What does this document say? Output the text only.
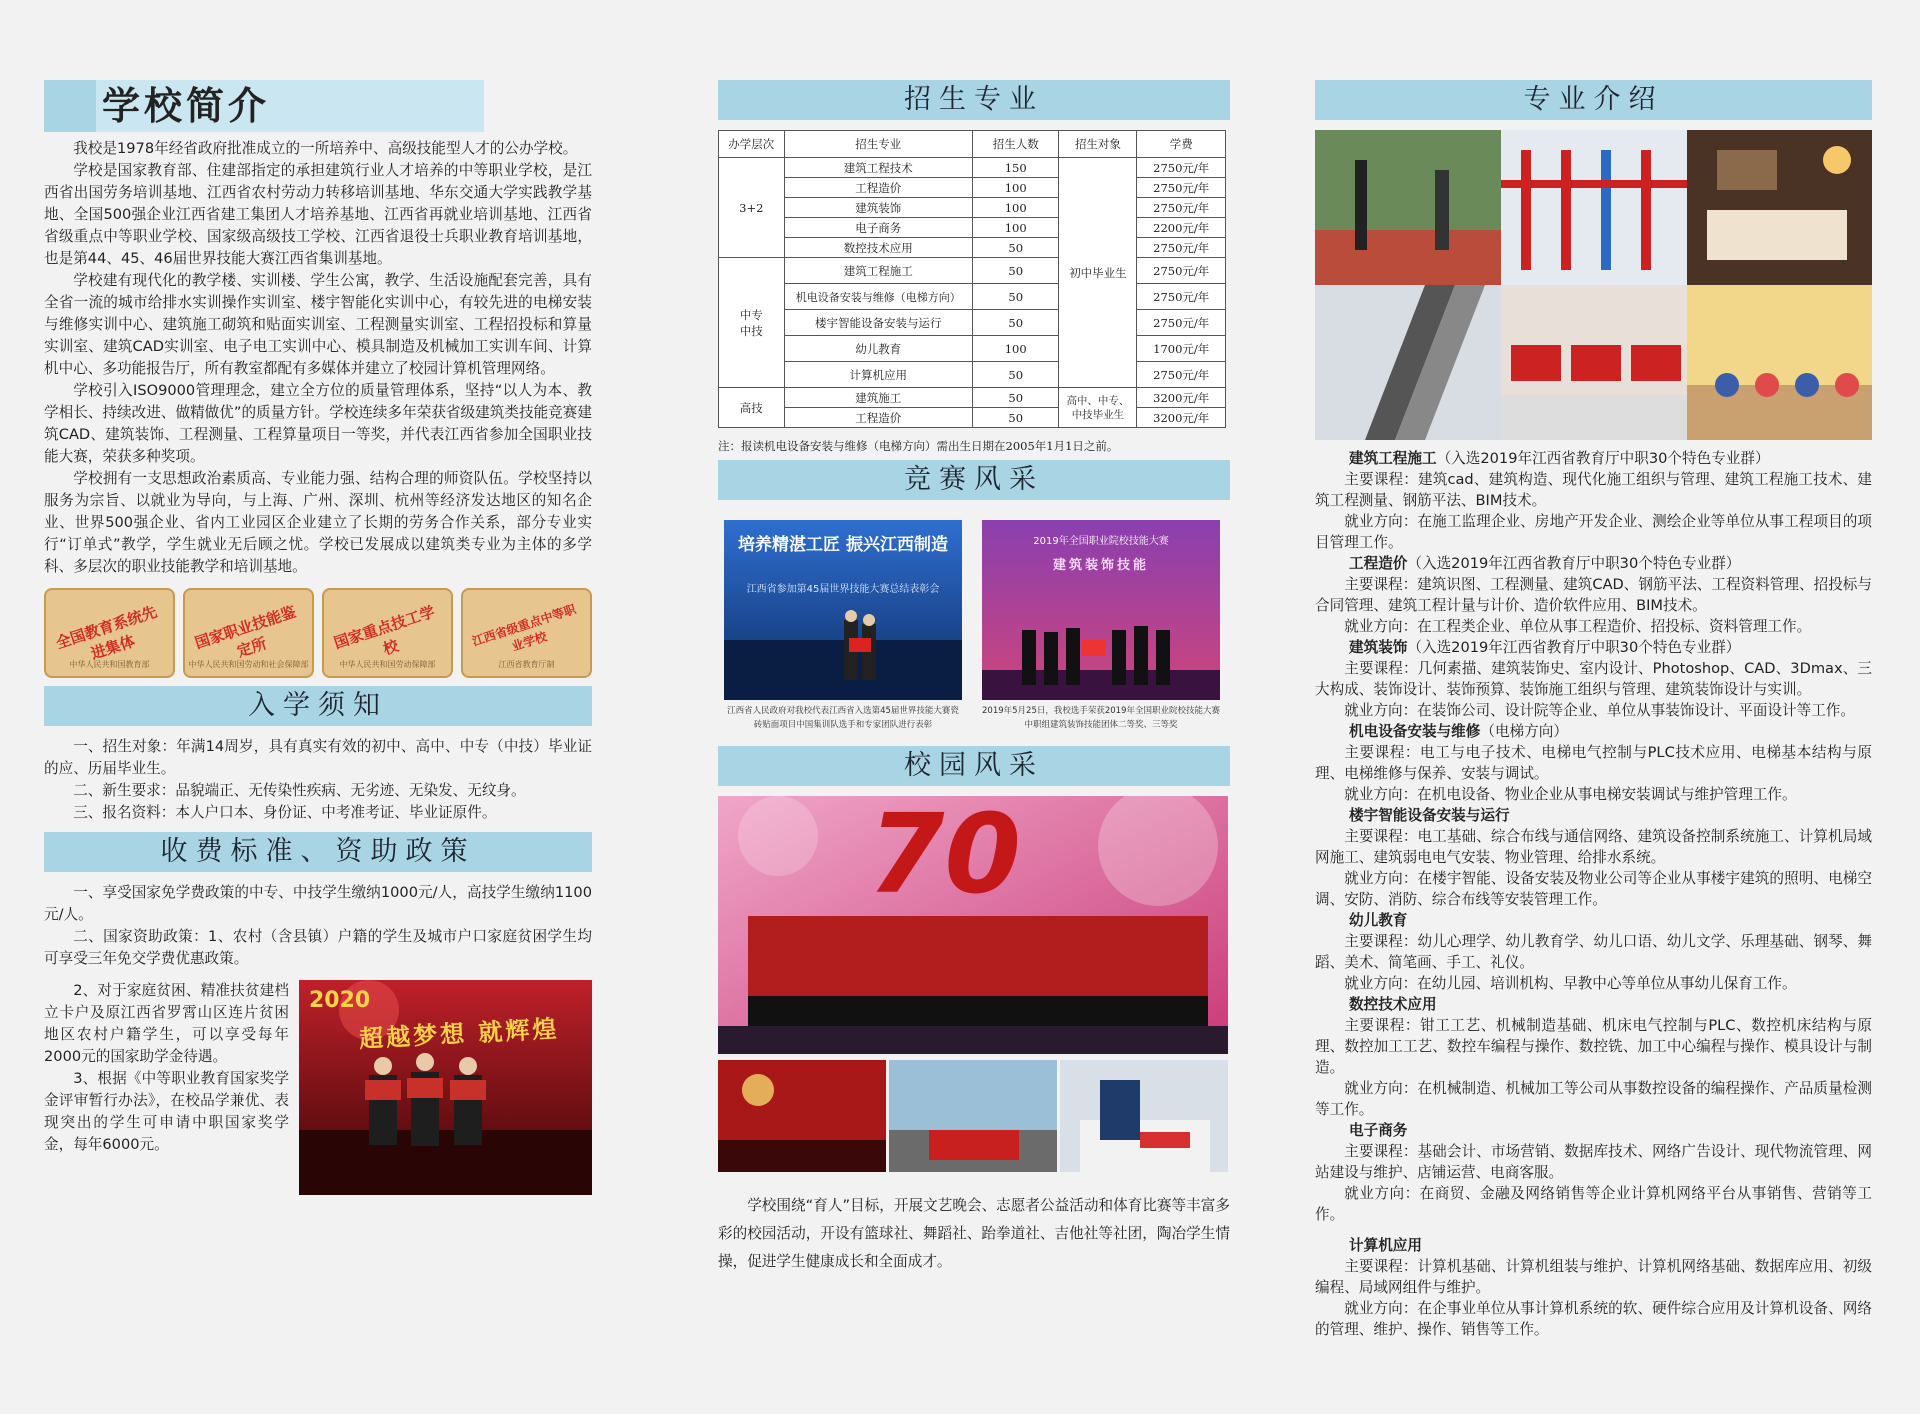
学校简介

我校是1978年经省政府批准成立的一所培养中、高级技能型人才的公办学校。

学校是国家教育部、住建部指定的承担建筑行业人才培养的中等职业学校，是江西省出国劳务培训基地、江西省农村劳动力转移培训基地、华东交通大学实践教学基地、全国500强企业江西省建工集团人才培养基地、江西省再就业培训基地、江西省省级重点中等职业学校、国家级高级技工学校、江西省退役士兵职业教育培训基地，也是第44、45、46届世界技能大赛江西省集训基地。

学校建有现代化的教学楼、实训楼、学生公寓，教学、生活设施配套完善，具有全省一流的城市给排水实训操作实训室、楼宇智能化实训中心，有较先进的电梯安装与维修实训中心、建筑施工砌筑和贴面实训室、工程测量实训室、工程招投标和算量实训室、建筑CAD实训室、电子电工实训中心、模具制造及机械加工实训车间、计算机中心、多功能报告厅，所有教室都配有多媒体并建立了校园计算机管理网络。

学校引入ISO9000管理理念，建立全方位的质量管理体系，坚持“以人为本、教学相长、持续改进、做精做优”的质量方针。学校连续多年荣获省级建筑类技能竞赛建筑CAD、建筑装饰、工程测量、工程算量项目一等奖，并代表江西省参加全国职业技能大赛，荣获多种奖项。

学校拥有一支思想政治素质高、专业能力强、结构合理的师资队伍。学校坚持以服务为宗旨、以就业为导向，与上海、广州、深圳、杭州等经济发达地区的知名企业、世界500强企业、省内工业园区企业建立了长期的劳务合作关系，部分专业实行“订单式”教学，学生就业无后顾之忧。学校已发展成以建筑类专业为主体的多学科、多层次的职业技能教学和培训基地。

全国教育系统先进集体
中华人民共和国教育部
国家职业技能鉴定所
中华人民共和国劳动和社会保障部
国家重点技工学校
中华人民共和国劳动保障部
江西省级重点中等职业学校
江西省教育厅制
入学须知

一、招生对象：年满14周岁，具有真实有效的初中、高中、中专（中技）毕业证的应、历届毕业生。

二、新生要求：品貌端正、无传染性疾病、无劣迹、无染发、无纹身。

三、报名资料：本人户口本、身份证、中考准考证、毕业证原件。

收费标准、资助政策

一、享受国家免学费政策的中专、中技学生缴纳1000元/人，高技学生缴纳1100元/人。

二、国家资助政策：1、农村（含县镇）户籍的学生及城市户口家庭贫困学生均可享受三年免交学费优惠政策。

2、对于家庭贫困、精准扶贫建档立卡户及原江西省罗霄山区连片贫困地区农村户籍学生，可以享受每年2000元的国家助学金待遇。

3、根据《中等职业教育国家奖学金评审暂行办法》，在校品学兼优、表现突出的学生可申请中职国家奖学金，每年6000元。

2020
超越梦想 就辉煌
招生专业
办学层次	招生专业	招生人数	招生对象	学费
3+2	建筑工程技术	150	初中毕业生	2750元/年
	工程造价	100		2750元/年
	建筑装饰	100		2750元/年
	电子商务	100		2200元/年
	数控技术应用	50		2750元/年
中专
中技	建筑工程施工	50		2750元/年
	机电设备安装与维修（电梯方向）	50		2750元/年
	楼宇智能设备安装与运行	50		2750元/年
	幼儿教育	100		1700元/年
	计算机应用	50		2750元/年
高技	建筑施工	50	高中、中专、中技毕业生	3200元/年
	工程造价	50		3200元/年
注：报读机电设备安装与维修（电梯方向）需出生日期在2005年1月1日之前。
竞赛风采
培养精湛工匠 振兴江西制造
江西省参加第45届世界技能大赛总结表彰会
江西省人民政府对我校代表江西省入选第45届世界技能大赛瓷砖贴面项目中国集训队选手和专家团队进行表彰
2019年全国职业院校技能大赛
建筑装饰技能
2019年5月25日，我校选手荣获2019年全国职业院校技能大赛中职组建筑装饰技能团体二等奖、三等奖
校园风采
70

学校围绕“育人”目标，开展文艺晚会、志愿者公益活动和体育比赛等丰富多彩的校园活动，开设有篮球社、舞蹈社、跆拳道社、吉他社等社团，陶冶学生情操，促进学生健康成长和全面成才。

专业介绍
建筑工程施工（入选2019年江西省教育厅中职30个特色专业群）

主要课程：建筑cad、建筑构造、现代化施工组织与管理、建筑工程施工技术、建筑工程测量、钢筋平法、BIM技术。

就业方向：在施工监理企业、房地产开发企业、测绘企业等单位从事工程项目的项目管理工作。

工程造价（入选2019年江西省教育厅中职30个特色专业群）

主要课程：建筑识图、工程测量、建筑CAD、钢筋平法、工程资料管理、招投标与合同管理、建筑工程计量与计价、造价软件应用、BIM技术。

就业方向：在工程类企业、单位从事工程造价、招投标、资料管理工作。

建筑装饰（入选2019年江西省教育厅中职30个特色专业群）

主要课程：几何素描、建筑装饰史、室内设计、Photoshop、CAD、3Dmax、三大构成、装饰设计、装饰预算、装饰施工组织与管理、建筑装饰设计与实训。

就业方向：在装饰公司、设计院等企业、单位从事装饰设计、平面设计等工作。

机电设备安装与维修（电梯方向）

主要课程：电工与电子技术、电梯电气控制与PLC技术应用、电梯基本结构与原理、电梯维修与保养、安装与调试。

就业方向：在机电设备、物业企业从事电梯安装调试与维护管理工作。

楼宇智能设备安装与运行

主要课程：电工基础、综合布线与通信网络、建筑设备控制系统施工、计算机局域网施工、建筑弱电电气安装、物业管理、给排水系统。

就业方向：在楼宇智能、设备安装及物业公司等企业从事楼宇建筑的照明、电梯空调、安防、消防、综合布线等安装管理工作。

幼儿教育

主要课程：幼儿心理学、幼儿教育学、幼儿口语、幼儿文学、乐理基础、钢琴、舞蹈、美术、简笔画、手工、礼仪。

就业方向：在幼儿园、培训机构、早教中心等单位从事幼儿保育工作。

数控技术应用

主要课程：钳工工艺、机械制造基础、机床电气控制与PLC、数控机床结构与原理、数控加工工艺、数控车编程与操作、数控铣、加工中心编程与操作、模具设计与制造。

就业方向：在机械制造、机械加工等公司从事数控设备的编程操作、产品质量检测等工作。

电子商务

主要课程：基础会计、市场营销、数据库技术、网络广告设计、现代物流管理、网站建设与维护、店铺运营、电商客服。

就业方向：在商贸、金融及网络销售等企业计算机网络平台从事销售、营销等工作。

计算机应用

主要课程：计算机基础、计算机组装与维护、计算机网络基础、数据库应用、初级编程、局域网组件与维护。

就业方向：在企事业单位从事计算机系统的软、硬件综合应用及计算机设备、网络的管理、维护、操作、销售等工作。
